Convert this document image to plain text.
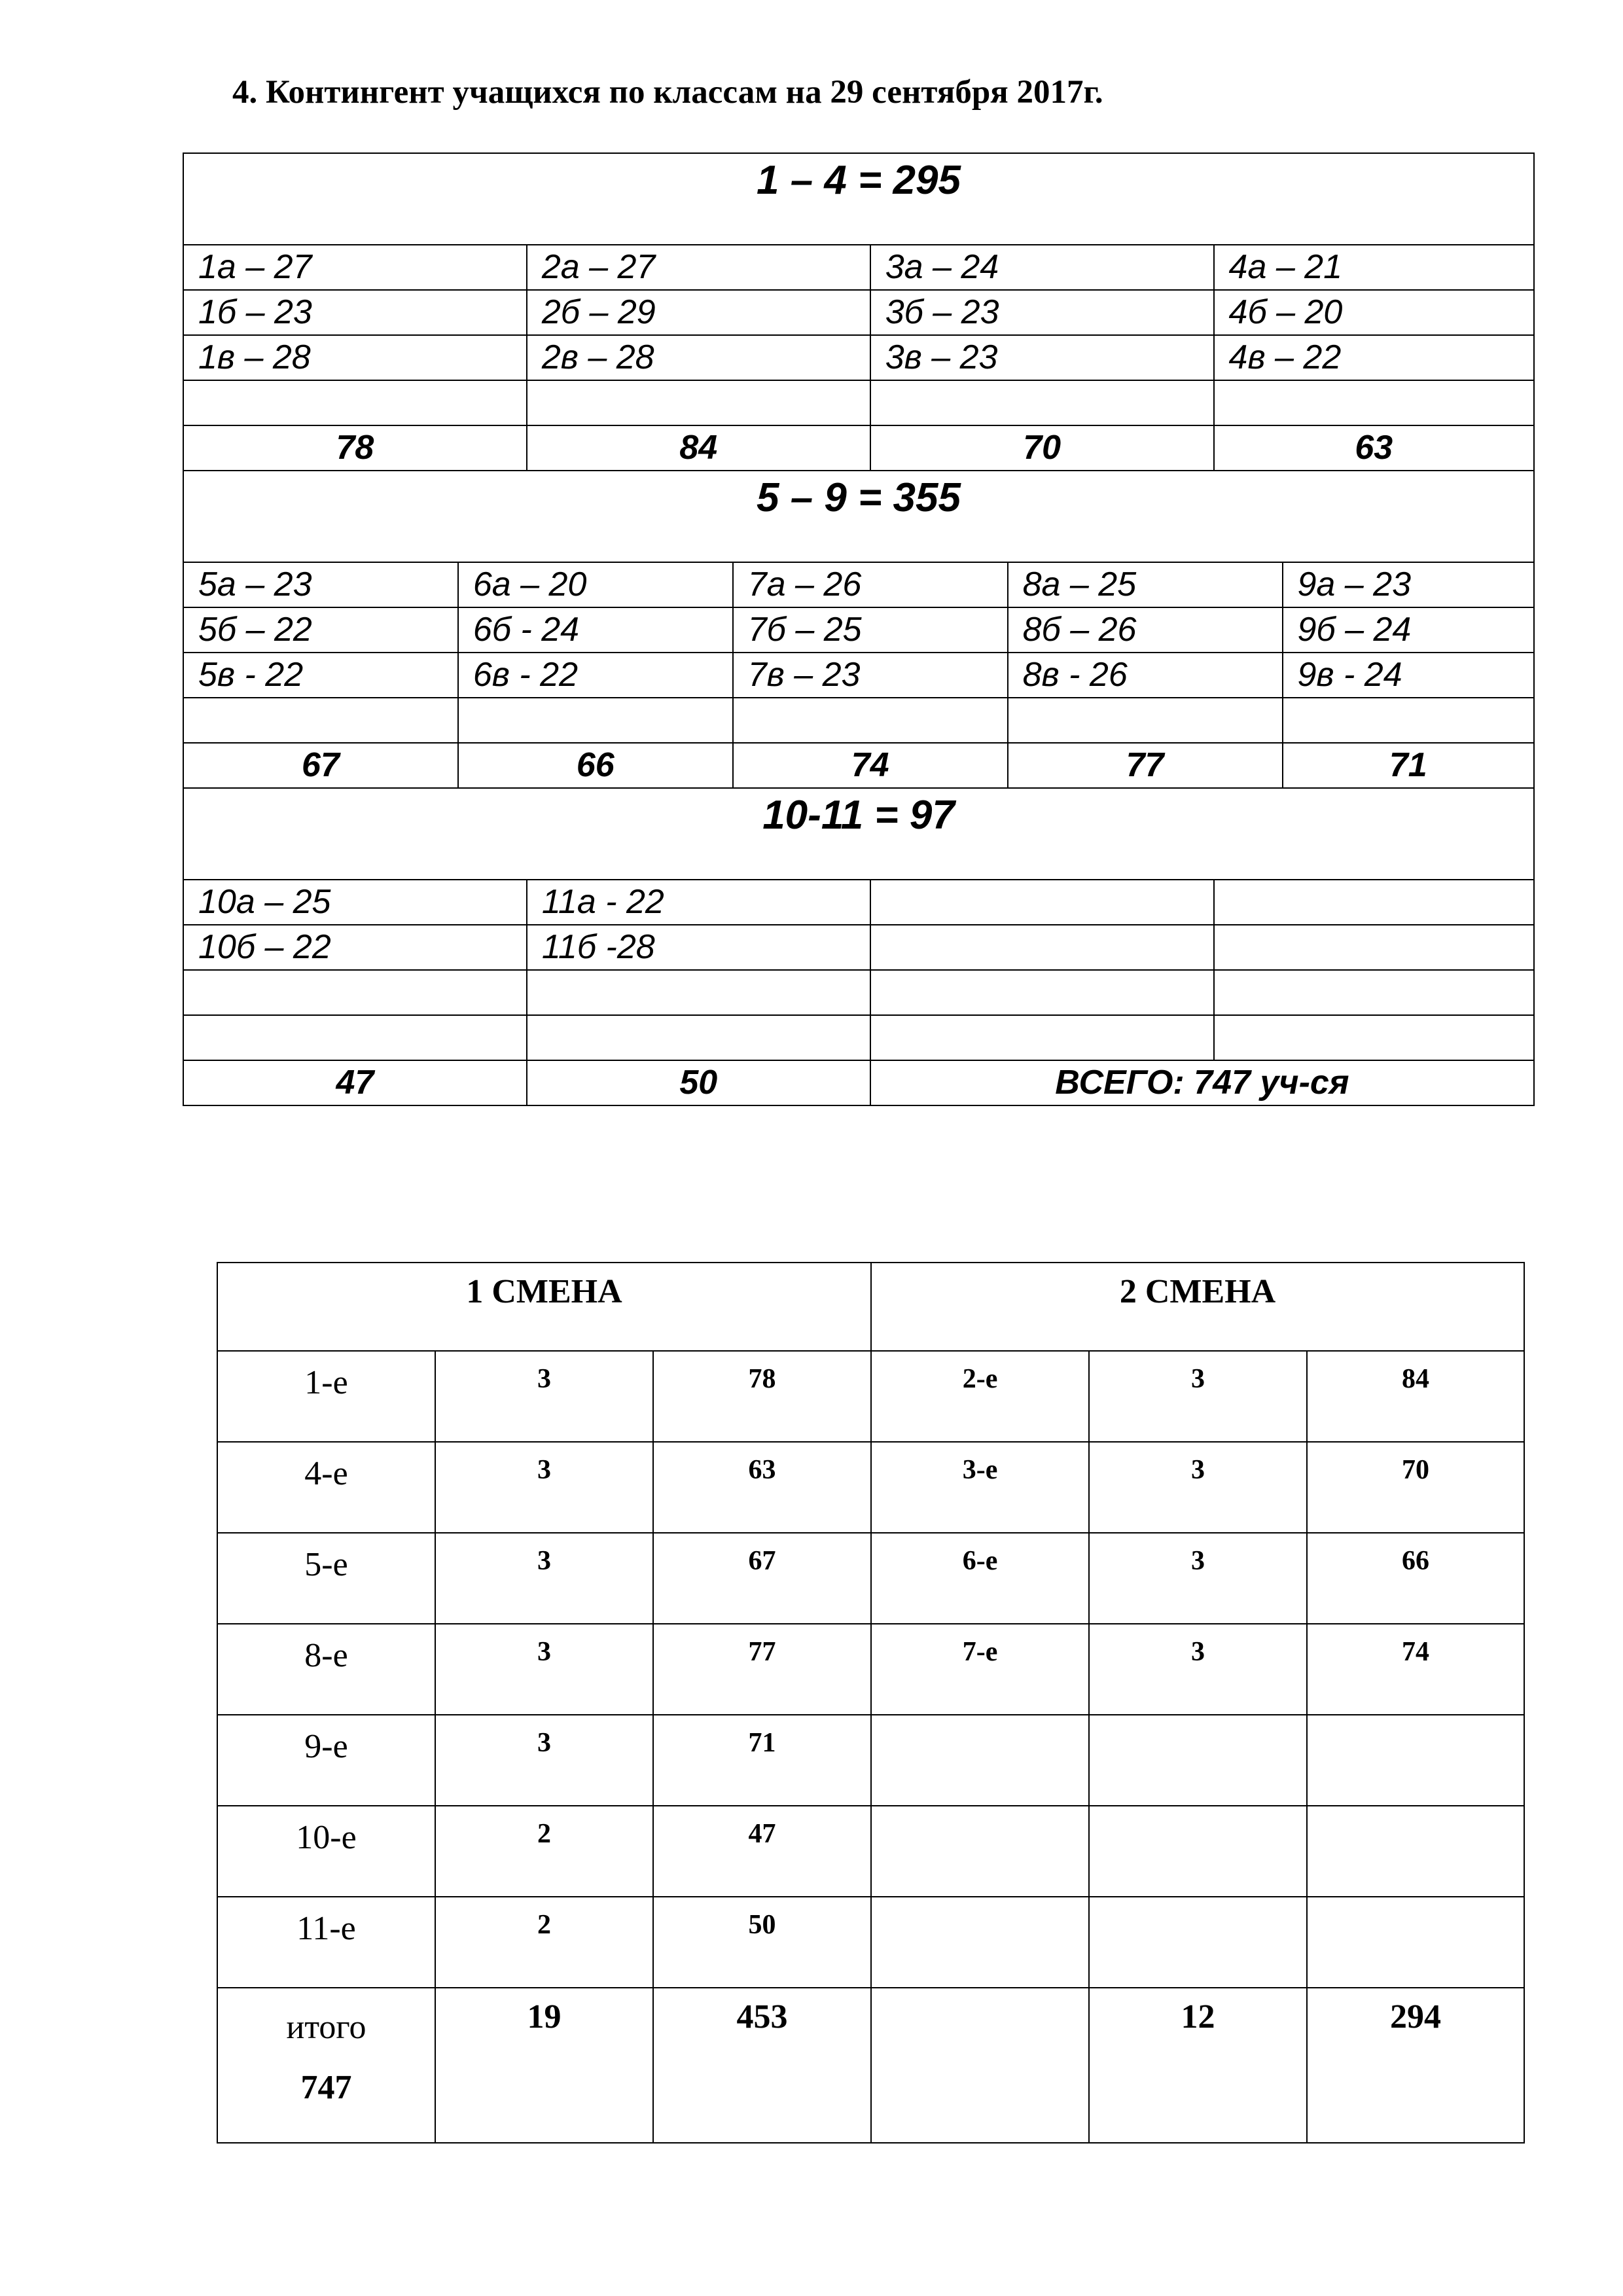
4. Контингент учащихся по классам на 29 сентября 2017г.
1 – 4 = 295							
1а – 27		2а – 27		3а – 24		4а – 21	
1б – 23		2б – 29		3б – 23		4б – 20	
1в – 28		2в – 28		3в – 23		4в – 22	

78		84		70		63	
5 – 9 = 355							
5а – 23	6а – 20		7а – 26		8а – 25		9а – 23
5б – 22	6б - 24		7б – 25		8б – 26		9б – 24
5в - 22	6в - 22		7в – 23		8в - 26		9в - 24

67	66		74		77		71
10-11 = 97							
10а – 25		11а - 22					
10б – 22		11б -28					

47		50		ВСЕГО: 747 уч-ся			
1 СМЕНА			2 СМЕНА		
1-е	3	78	2-е	3	84
4-е	3	63	3-е	3	70
5-е	3	67	6-е	3	66
8-е	3	77	7-е	3	74
9-е	3	71			
10-е	2	47			
11-е	2	50			
итого
747	19	453		12	294
